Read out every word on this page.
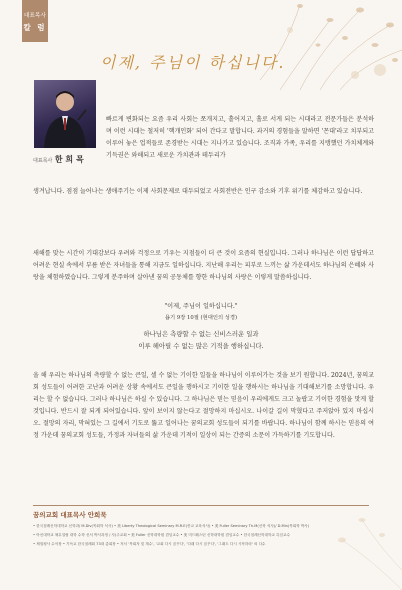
대표목사
칼 럼
이제, 주님이 하십니다.
대표목사 한 희 목
빠르게 변화되는 요즘 우리 사회는 쪼개지고, 흩어지고, 홀로 서게 되는 시대라고 전문가들은 분석하며 이런 시대는 철저히 '핵개인화' 되어 간다고 말합니다. 과거의 경험들을 말하면 '꼰대'라고 치부되고 이루어 놓은 업적들로 존경받는 시대는 지나가고 있습니다. 조직과 가족, 우리를 지탱했던 가치체계와 기득권은 와해되고 새로운 가치관과 테두리가
생겨납니다. 점점 늘어나는 생애주기는 이제 사회문제로 대두되었고 사회전반은 인구 감소와 기후 위기를 체감하고 있습니다.
새해를 맞는 시간이 기대감보다 우려와 걱정으로 기우는 지점들이 더 큰 것이 요즘의 현실입니다. 그러나 하나님은 이런 답답하고 어려운 현실 속에서 부름 받은 자녀들을 통해 지금도 일하십니다. 지난해 우리는 피부로 느끼는 삶 가운데서도 하나님의 은혜와 사랑을 체험하였습니다. 그렇게 분주하며 살아낸 꿈의 공동체를 향한 하나님의 사랑은 이렇게 말씀하십니다.
"이제, 주님이 일하십니다."
욥기 9장 10절 (현대인의 성경)
하나님은 측량할 수 없는 신비스러운 일과
이루 헤아릴 수 없는 많은 기적을 행하십니다.
올 해 우리는 하나님의 측량할 수 없는 큰일, 셀 수 없는 기이한 일들을 하나님이 이루어가는 것을 보기 원합니다. 2024년, 꿈의교회 성도들이 어려한 고난과 어려운 상황 속에서도 큰일을 행하시고 기이한 일을 행하시는 하나님을 기대해보기를 소망합니다. 우리는 할 수 없습니다. 그러나 하나님은 하실 수 있습니다. 그 하나님은 믿는 믿음이 우리에게도 크고 놀랍고 기이한 경험을 맛게 할 것입니다. 반드시 잘 되게 되어있습니다. 앞이 보이지 않는다고 절망하지 마십시오. 나이갈 길이 막혔다고 주저앉아 있지 마십시오. 절망의 자리, 막혀있는 그 길에서 기도로 뚫고 일어나는 꿈의교회 성도들이 되기를 바랍니다. 하나님이 함께 하시는 믿음의 여정 가운데 꿈의교회 성도들, 가정과 자녀들의 삶 가운데 기적이 일상이 되는 간증의 소문이 가득하기를 기도합니다.
꿈의교회 대표목사 안희묵
• 한국침례신학대학교 신학과/ M.Div(목회학 석사) • 美 Liberty Theological Seminary M.R.E(종교 교육석사) • 美 Fuller Seminary Th.M(신학 석사)/ D.Min(목회학 박사)
• 아신대학교 채무설립 대학 수학 신서 박사과정 / 사)주교회 • 美 Fuller 신학대학원 겸임교수 • 美 미드웨스턴 신학대학원 겸임교수 • 한국침례신학대학교 특임교수
• 제열평사 수석장 • 기독교 한국침례회 73대 총회장 • 저서 '목회자 및 계수', '교회 다시 꿈꾸다', '다래 다시 꿈꾸다', '그래도 다시 시작하라' 외 다수
